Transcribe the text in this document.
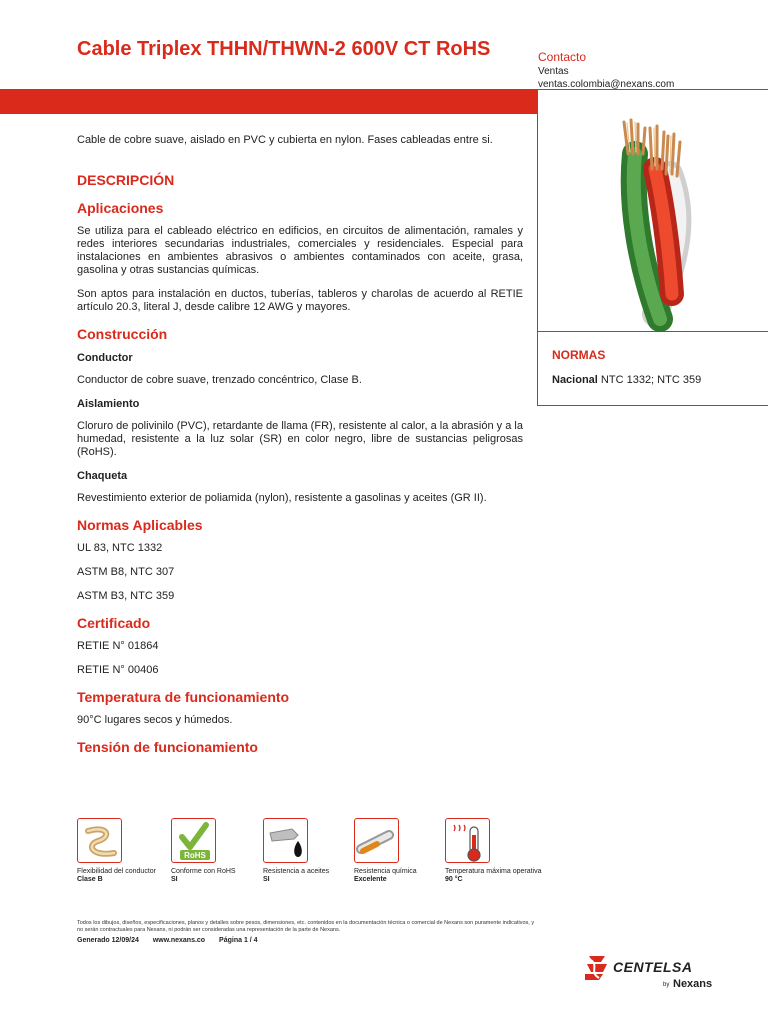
Cable Triplex THHN/THWN-2 600V CT RoHS	Contacto
Ventas
ventas.colombia@nexans.com
NORMAS
Nacional NTC 1332; NTC 359
Cable de cobre suave, aislado en PVC y cubierta en nylon. Fases cableadas entre si.
DESCRIPCIÓN
Aplicaciones
Se utiliza para el cableado eléctrico en edificios, en circuitos de alimentación, ramales y redes interiores secundarias industriales, comerciales y residenciales. Especial para instalaciones en ambientes abrasivos o ambientes contaminados con aceite, grasa, gasolina y otras sustancias químicas.
Son aptos para instalación en ductos, tuberías, tableros y charolas de acuerdo al RETIE artículo 20.3, literal J, desde calibre 12 AWG y mayores.
Construcción
Conductor
Conductor de cobre suave, trenzado concéntrico, Clase B.
Aislamiento
Cloruro de polivinilo (PVC), retardante de llama (FR), resistente al calor, a la abrasión y a la humedad, resistente a la luz solar (SR) en color negro, libre de sustancias peligrosas (RoHS).
Chaqueta
Revestimiento exterior de poliamida (nylon), resistente a gasolinas y aceites (GR II).
Normas Aplicables
UL 83, NTC 1332
ASTM B8, NTC 307
ASTM B3, NTC 359
Certificado
RETIE N° 01864
RETIE N° 00406
Temperatura de funcionamiento
90°C lugares secos y húmedos.
Tensión de funcionamiento
Flexibilidad del conductor
Clase B
RoHS
Conforme con RoHS
SI
Resistencia a aceites
SI
Resistencia química
Excelente
Temperatura máxima operativa
90 °C
Todos los dibujos, diseños, especificaciones, planos y detalles sobre pesos, dimensiones, etc. contenidos en la documentación técnica o comercial de Nexans son puramente indicativos, y no serán contractuales para Nexans, ni podrán ser consideradas una representación de la parte de Nexans.
Generado 12/09/24 www.nexans.co Página 1 / 4
CENTELSA
by Nexans
